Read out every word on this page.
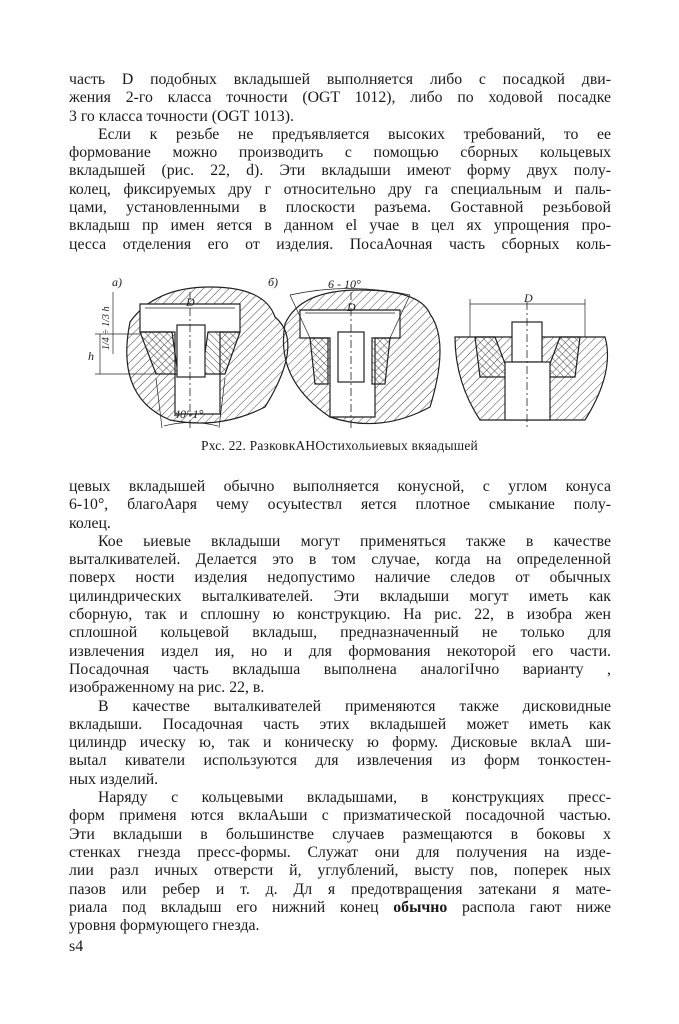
часть D подобных вкладышей выполняется либо с посадкой дви-
жения 2-го класса точности (OGT 1012), либо по ходовой посадке
3 го класса точности (OGT 1013).
Если к резьбе не предъявляется высоких требований, то ее
формование можно производить с помощью сборных кольцевых
вкладышей (рис. 22, d). Эти вкладыши имеют форму двух полу-
колец, фиксируемых дру г относительно дру га специальным и паль-
цами, установленными в плоскости разъема. Gоставной резьбовой
вкладыш пр имен яется в данном el учае в цел ях упрощения про-
цесса отделения его от изделия. ПосаАочная часть сборных коль-
а)	б)
D	D
D
h
1/4 ÷ 1/3 h
6 - 10°
40'-1°
Рхс. 22. РазковкАНОстихольиевых вкяадышей
цевых вкладышей обычно выполняется конусной, с углом конуса
6-10°, благоАаря чему осуыtествл яется плотное смыкание полу-
колец.
Кое ьиевые вкладыши могут применяться также в качестве
выталкивателей. Делается это в том случае, когда на определенной
поверх ности изделия недопустимо наличие следов от обычных
цилиндрических выталкивателей. Эти вкладыши могут иметь как
сборную, так и сплошну ю конструкцию. На рис. 22, в изобра жен
сплошной кольцевой вкладыш, предназначенный не только для
извлечения издел ия, но и для формования некоторой его части.
Посадочная часть вкладыша выполнена аналогiIчно варианту ,
изображенному на рис. 22, в.
В качестве выталкивателей применяются также дисковидные
вкладыши. Посадочная часть этих вкладышей может иметь как
цилиндр ическу ю, так и коническу ю форму. Дисковые вклаА ши-
выtал киватели используются для извлечения из форм тонкостен-
ных изделий.
Наряду с кольцевыми вкладышами, в конструкциях пресс-
форм применя ются вклаАьши с призматической посадочной частью.
Эти вкладыши в большинстве случаев размещаются в боковы х
стенках гнезда пресс-формы. Служат они для получения на изде-
лии разл ичных отверсти й, углублений, высту пов, поперек ных
пазов или ребер и т. д. Дл я предотвращения затекани я мате-
риала под вкладыш его нижний конец обычно распола гают ниже
уровня формующего гнезда.
s4
